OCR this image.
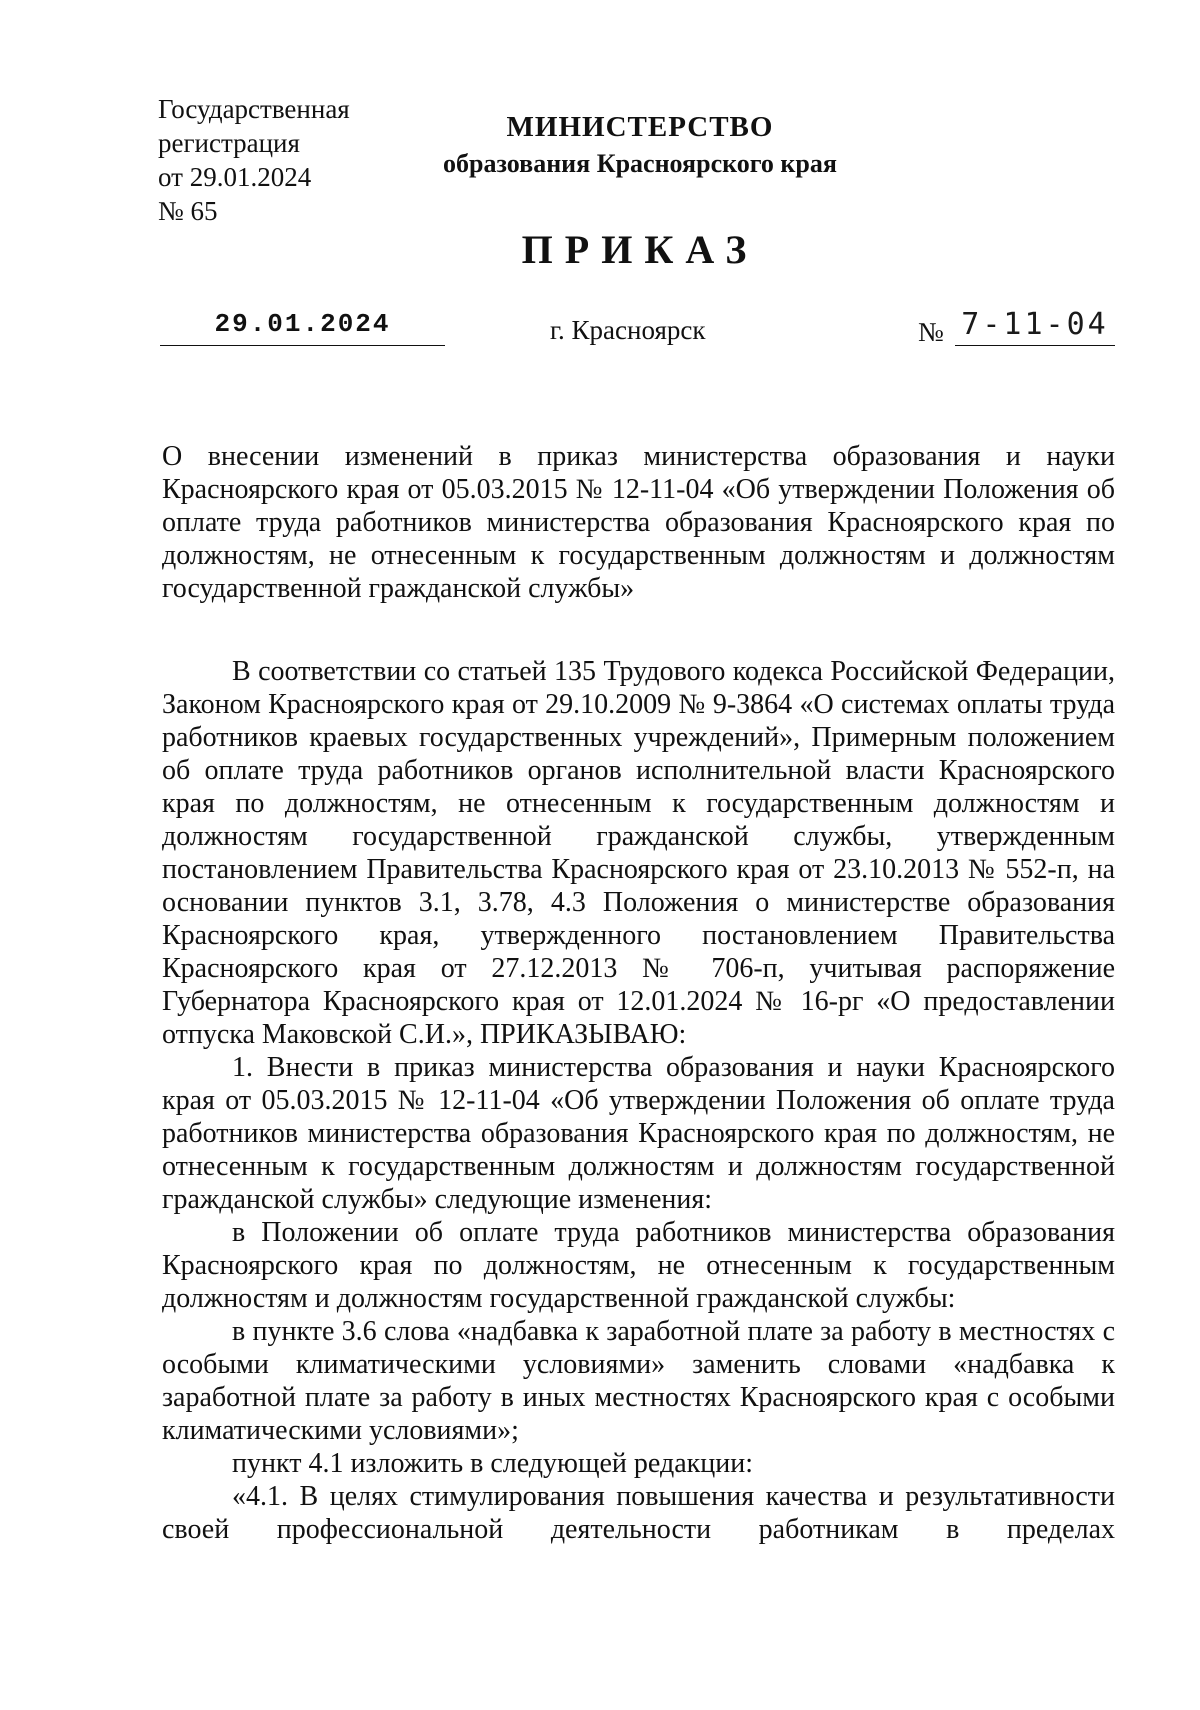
Государственная
регистрация
от 29.01.2024
№ 65
МИНИСТЕРСТВО
образования Красноярского края
ПРИКАЗ
29.01.2024	г. Красноярск	№ 7-11-04

О внесении изменений в приказ министерства образования и науки Красноярского края от 05.03.2015 № 12-11-04 «Об утверждении Положения об оплате труда работников министерства образования Красноярского края по должностям, не отнесенным к государственным должностям и должностям государственной гражданской службы»

В соответствии со статьей 135 Трудового кодекса Российской Федерации, Законом Красноярского края от 29.10.2009 № 9-3864 «О системах оплаты труда работников краевых государственных учреждений», Примерным положением об оплате труда работников органов исполнительной власти Красноярского края по должностям, не отнесенным к государственным должностям и должностям государственной гражданской службы, утвержденным постановлением Правительства Красноярского края от 23.10.2013 № 552-п, на основании пунктов 3.1, 3.78, 4.3 Положения о министерстве образования Красноярского края, утвержденного постановлением Правительства Красноярского края от 27.12.2013 № 706-п, учитывая распоряжение Губернатора Красноярского края от 12.01.2024 № 16-рг «О предоставлении отпуска Маковской С.И.», ПРИКАЗЫВАЮ:

1. Внести в приказ министерства образования и науки Красноярского края от 05.03.2015 № 12-11-04 «Об утверждении Положения об оплате труда работников министерства образования Красноярского края по должностям, не отнесенным к государственным должностям и должностям государственной гражданской службы» следующие изменения:

в Положении об оплате труда работников министерства образования Красноярского края по должностям, не отнесенным к государственным должностям и должностям государственной гражданской службы:

в пункте 3.6 слова «надбавка к заработной плате за работу в местностях с особыми климатическими условиями» заменить словами «надбавка к заработной плате за работу в иных местностях Красноярского края с особыми климатическими условиями»;

пункт 4.1 изложить в следующей редакции:

«4.1. В целях стимулирования повышения качества и результативности своей профессиональной деятельности работникам в пределах
